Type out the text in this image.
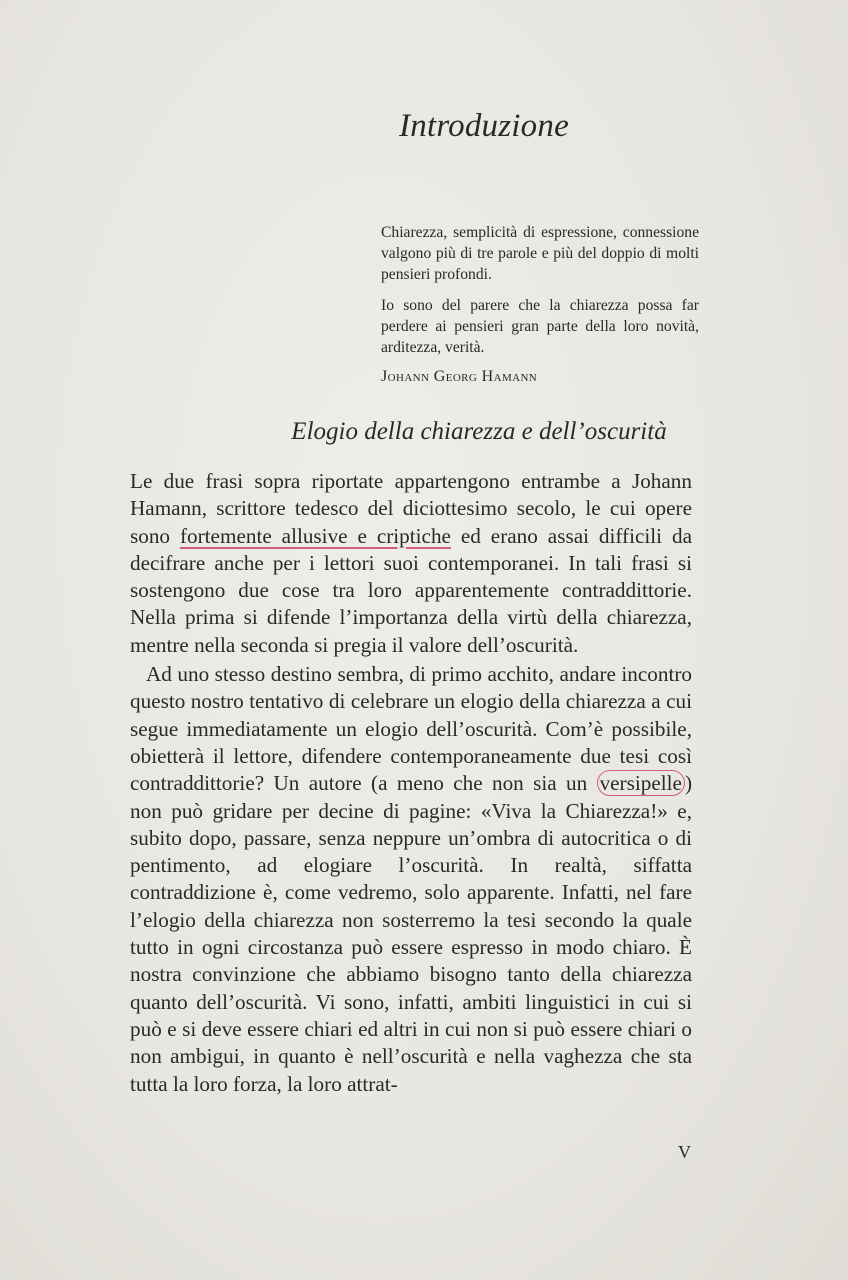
Introduzione

Chiarezza, semplicità di espressione, connessione valgono più di tre parole e più del doppio di molti pensieri profondi.

Io sono del parere che la chiarezza possa far perdere ai pensieri gran parte della loro novità, arditezza, verità.

Johann Georg Hamann

Elogio della chiarezza e dell’oscurità

Le due frasi sopra riportate appartengono entrambe a Johann Hamann, scrittore tedesco del diciottesimo secolo, le cui opere sono fortemente allusive e criptiche ed erano assai difficili da decifrare anche per i lettori suoi contemporanei. In tali frasi si sostengono due cose tra loro apparentemente contraddittorie. Nella prima si difende l’importanza della virtù della chiarezza, mentre nella seconda si pregia il valore dell’oscurità.

Ad uno stesso destino sembra, di primo acchito, andare incontro questo nostro tentativo di celebrare un elogio della chiarezza a cui segue immediatamente un elogio dell’oscurità. Com’è possibile, obietterà il lettore, difendere contemporaneamente due tesi così contraddittorie? Un autore (a meno che non sia un versipelle ) non può gridare per decine di pagine: «Viva la Chiarezza!» e, subito dopo, passare, senza neppure un’ombra di autocritica o di pentimento, ad elogiare l’oscurità. In realtà, siffatta contraddizione è, come vedremo, solo apparente. Infatti, nel fare l’elogio della chiarezza non sosterremo la tesi secondo la quale tutto in ogni circostanza può essere espresso in modo chiaro. È nostra convinzione che abbiamo bisogno tanto della chiarezza quanto dell’oscurità. Vi sono, infatti, ambiti linguistici in cui si può e si deve essere chiari ed altri in cui non si può essere chiari o non ambigui, in quanto è nell’oscurità e nella vaghezza che sta tutta la loro forza, la loro attrat-

V
